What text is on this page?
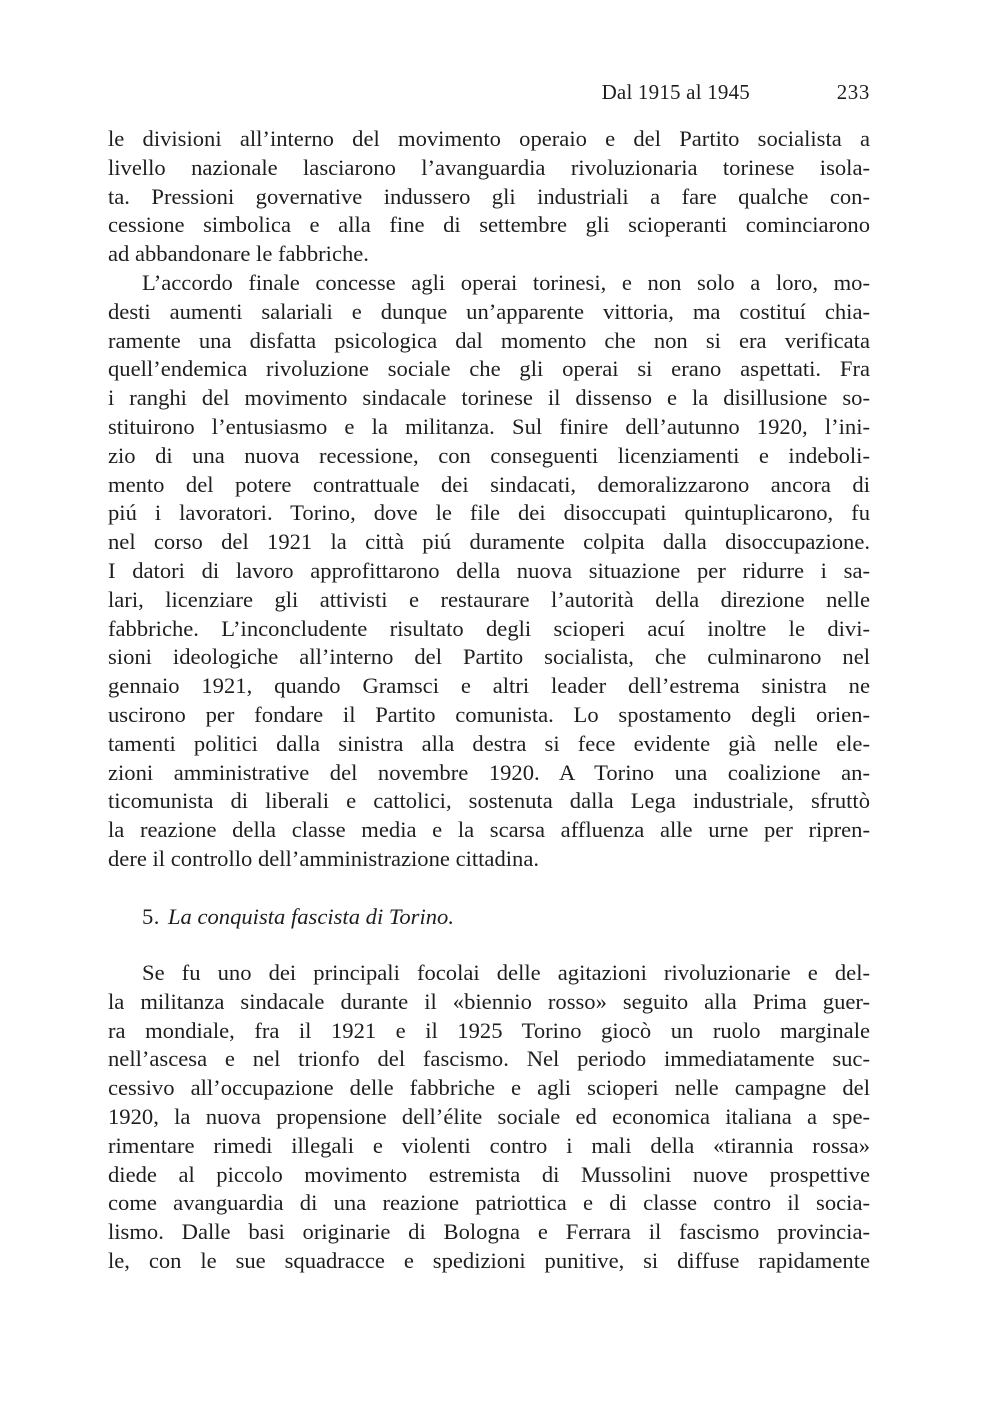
Dal 1915 al 1945	233
le divisioni all’interno del movimento operaio e del Partito socialista a
livello nazionale lasciarono l’avanguardia rivoluzionaria torinese isola-
ta. Pressioni governative indussero gli industriali a fare qualche con-
cessione simbolica e alla fine di settembre gli scioperanti cominciarono
ad abbandonare le fabbriche.
L’accordo finale concesse agli operai torinesi, e non solo a loro, mo-
desti aumenti salariali e dunque un’apparente vittoria, ma costituí chia-
ramente una disfatta psicologica dal momento che non si era verificata
quell’endemica rivoluzione sociale che gli operai si erano aspettati. Fra
i ranghi del movimento sindacale torinese il dissenso e la disillusione so-
stituirono l’entusiasmo e la militanza. Sul finire dell’autunno 1920, l’ini-
zio di una nuova recessione, con conseguenti licenziamenti e indeboli-
mento del potere contrattuale dei sindacati, demoralizzarono ancora di
piú i lavoratori. Torino, dove le file dei disoccupati quintuplicarono, fu
nel corso del 1921 la città piú duramente colpita dalla disoccupazione.
I datori di lavoro approfittarono della nuova situazione per ridurre i sa-
lari, licenziare gli attivisti e restaurare l’autorità della direzione nelle
fabbriche. L’inconcludente risultato degli scioperi acuí inoltre le divi-
sioni ideologiche all’interno del Partito socialista, che culminarono nel
gennaio 1921, quando Gramsci e altri leader dell’estrema sinistra ne
uscirono per fondare il Partito comunista. Lo spostamento degli orien-
tamenti politici dalla sinistra alla destra si fece evidente già nelle ele-
zioni amministrative del novembre 1920. A Torino una coalizione an-
ticomunista di liberali e cattolici, sostenuta dalla Lega industriale, sfruttò
la reazione della classe media e la scarsa affluenza alle urne per ripren-
dere il controllo dell’amministrazione cittadina.
5. La conquista fascista di Torino.
Se fu uno dei principali focolai delle agitazioni rivoluzionarie e del-
la militanza sindacale durante il «biennio rosso» seguito alla Prima guer-
ra mondiale, fra il 1921 e il 1925 Torino giocò un ruolo marginale
nell’ascesa e nel trionfo del fascismo. Nel periodo immediatamente suc-
cessivo all’occupazione delle fabbriche e agli scioperi nelle campagne del
1920, la nuova propensione dell’élite sociale ed economica italiana a spe-
rimentare rimedi illegali e violenti contro i mali della «tirannia rossa»
diede al piccolo movimento estremista di Mussolini nuove prospettive
come avanguardia di una reazione patriottica e di classe contro il socia-
lismo. Dalle basi originarie di Bologna e Ferrara il fascismo provincia-
le, con le sue squadracce e spedizioni punitive, si diffuse rapidamente
